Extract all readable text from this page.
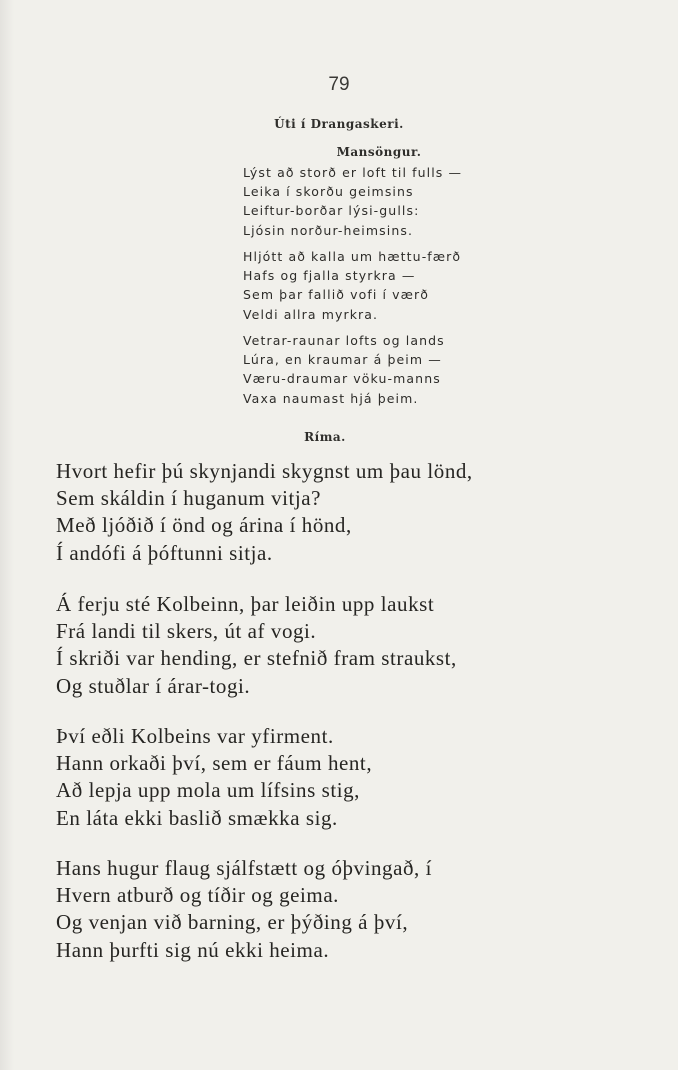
79
Úti í Drangaskeri.
Mansöngur.
Lýst að storð er loft til fulls —
Leika í skorðu geimsins
Leiftur-borðar lýsi-gulls:
Ljósin norður-heimsins.
Hljótt að kalla um hættu-færð
Hafs og fjalla styrkra —
Sem þar fallið vofi í værð
Veldi allra myrkra.
Vetrar-raunar lofts og lands
Lúra, en kraumar á þeim —
Væru-draumar vöku-manns
Vaxa naumast hjá þeim.
Ríma.
Hvort hefir þú skynjandi skygnst um þau lönd,
Sem skáldin í huganum vitja?
Með ljóðið í önd og árina í hönd,
Í andófi á þóftunni sitja.
Á ferju sté Kolbeinn, þar leiðin upp laukst
Frá landi til skers, út af vogi.
Í skriði var hending, er stefnið fram straukst,
Og stuðlar í árar-togi.
Því eðli Kolbeins var yfirment.
Hann orkaði því, sem er fáum hent,
Að lepja upp mola um lífsins stig,
En láta ekki baslið smækka sig.
Hans hugur flaug sjálfstætt og óþvingað, í
Hvern atburð og tíðir og geima.
Og venjan við barning, er þýðing á því,
Hann þurfti sig nú ekki heima.
